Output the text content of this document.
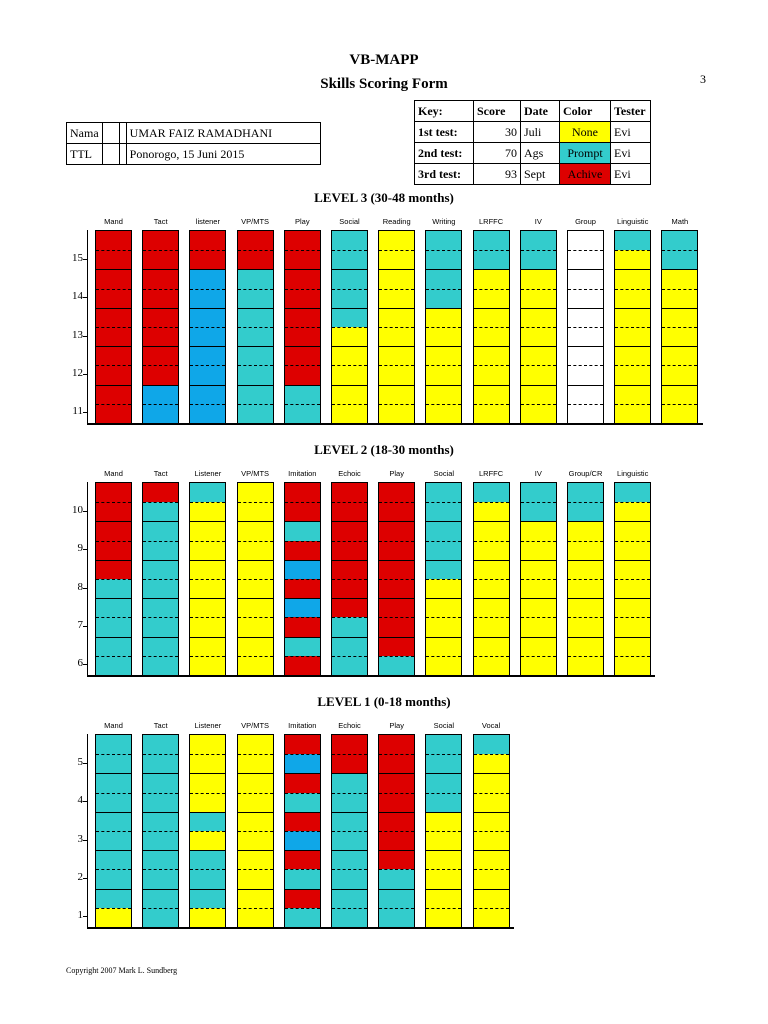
VB-MAPP
Skills Scoring Form	3
Nama			UMAR FAIZ RAMADHANI
TTL			Ponorogo, 15 Juni 2015
Key:	Score	Date	Color	Tester
1st test:	30	Juli	None	Evi
2nd test:	70	Ags	Prompt	Evi
3rd test:	93	Sept	Achive	Evi
LEVEL 3 (30-48 months)
LEVEL 2 (18-30 months)
LEVEL 1 (0-18 months)
Mand	Tact	listener	VP/MTS	Play	Social	Reading	Writing	LRFFC	IV	Group	Linguistic	Math
15
14
13
12
11
Mand	Tact	Listener	VP/MTS	Imitation	Echoic	Play	Social	LRFFC	IV	Group/CR	Linguistic
10
9
8
7
6
Mand	Tact	Listener	VP/MTS	Imitation	Echoic	Play	Social	Vocal
5
4
3
2
1
Copyright 2007 Mark L. Sundberg
